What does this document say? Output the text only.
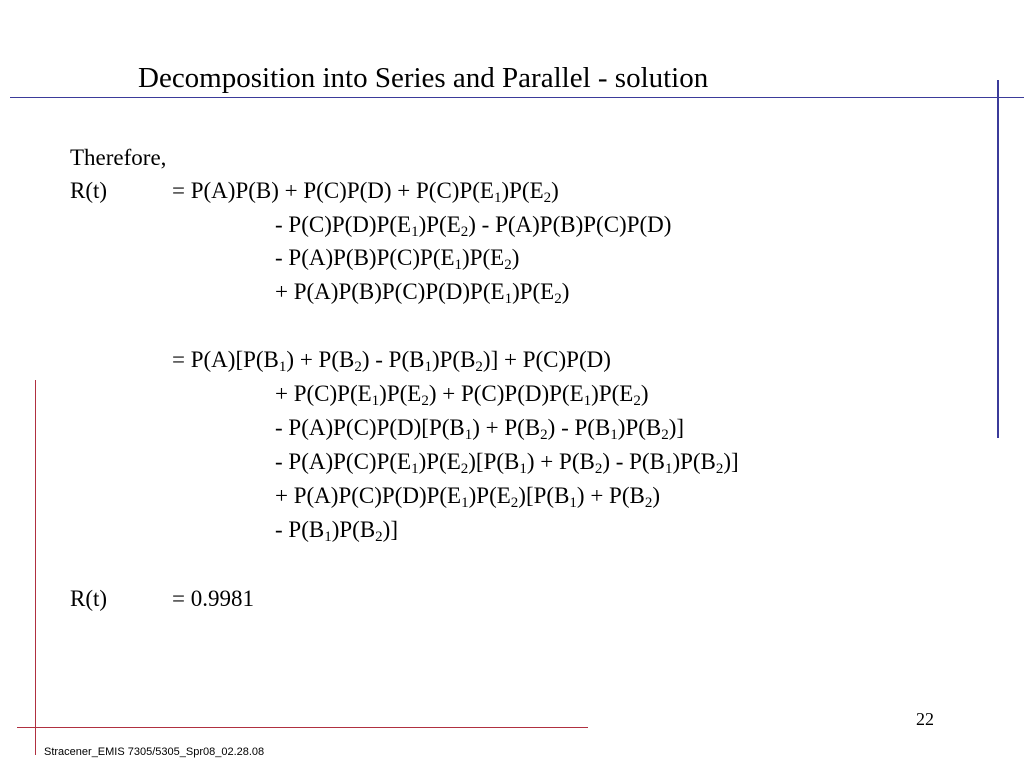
Decomposition into Series and Parallel - solution
Therefore,
R(t)	= $P(A)P(B) + P(C)P(D) + P(C)P(E_1)P(E_2)$
- $P(C)P(D)P(E_1)P(E_2) - P(A)P(B)P(C)P(D)$
- $P(A)P(B)P(C)P(E_1)P(E_2)$
+ $P(A)P(B)P(C)P(D)P(E_1)P(E_2)$
= $P(A)[P(B_1) + P(B_2) - P(B_1)P(B_2)] + P(C)P(D)$
+ $P(C)P(E_1)P(E_2) + P(C)P(D)P(E_1)P(E_2)$
- $P(A)P(C)P(D)[P(B_1) + P(B_2) - P(B_1)P(B_2)]$
- $P(A)P(C)P(E_1)P(E_2)[P(B_1) + P(B_2) - P(B_1)P(B_2)]$
+ $P(A)P(C)P(D)P(E_1)P(E_2)[P(B_1) + P(B_2)$
- $P(B_1)P(B_2)$]
R(t)	= 0.9981
22
Stracener_EMIS 7305/5305_Spr08_02.28.08
